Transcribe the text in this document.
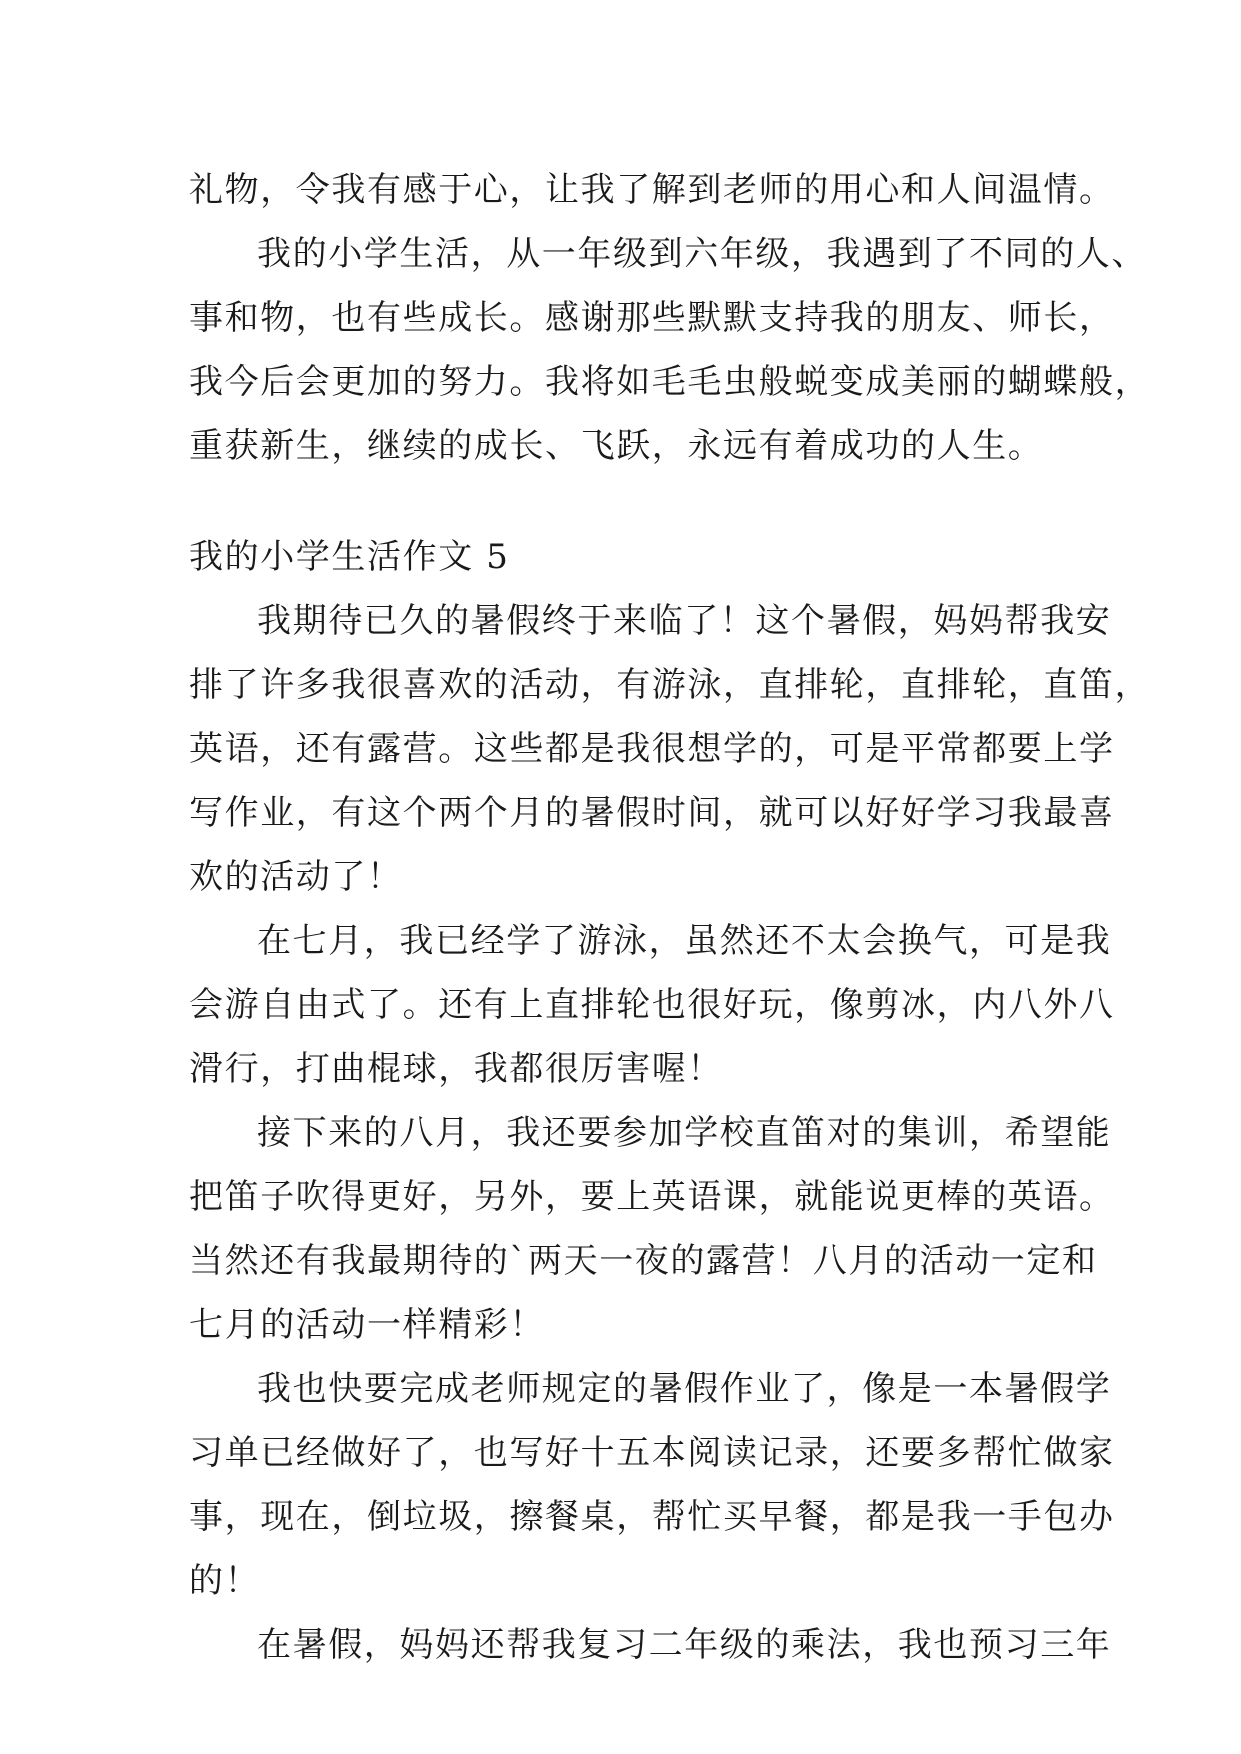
礼物，令我有感于心，让我了解到老师的用心和人间温情。
我的小学生活，从一年级到六年级，我遇到了不同的人、
事和物，也有些成长。感谢那些默默支持我的朋友、师长，
我今后会更加的努力。我将如毛毛虫般蜕变成美丽的蝴蝶般，
重获新生，继续的成长、飞跃，永远有着成功的人生。
我的小学生活作文 5
我期待已久的暑假终于来临了！这个暑假，妈妈帮我安
排了许多我很喜欢的活动，有游泳，直排轮，直排轮，直笛，
英语，还有露营。这些都是我很想学的，可是平常都要上学
写作业，有这个两个月的暑假时间，就可以好好学习我最喜
欢的活动了！
在七月，我已经学了游泳，虽然还不太会换气，可是我
会游自由式了。还有上直排轮也很好玩，像剪冰，内八外八
滑行，打曲棍球，我都很厉害喔！
接下来的八月，我还要参加学校直笛对的集训，希望能
把笛子吹得更好，另外，要上英语课，就能说更棒的英语。
当然还有我最期待的`两天一夜的露营！八月的活动一定和
七月的活动一样精彩！
我也快要完成老师规定的暑假作业了，像是一本暑假学
习单已经做好了，也写好十五本阅读记录，还要多帮忙做家
事，现在，倒垃圾，擦餐桌，帮忙买早餐，都是我一手包办
的！
在暑假，妈妈还帮我复习二年级的乘法，我也预习三年
